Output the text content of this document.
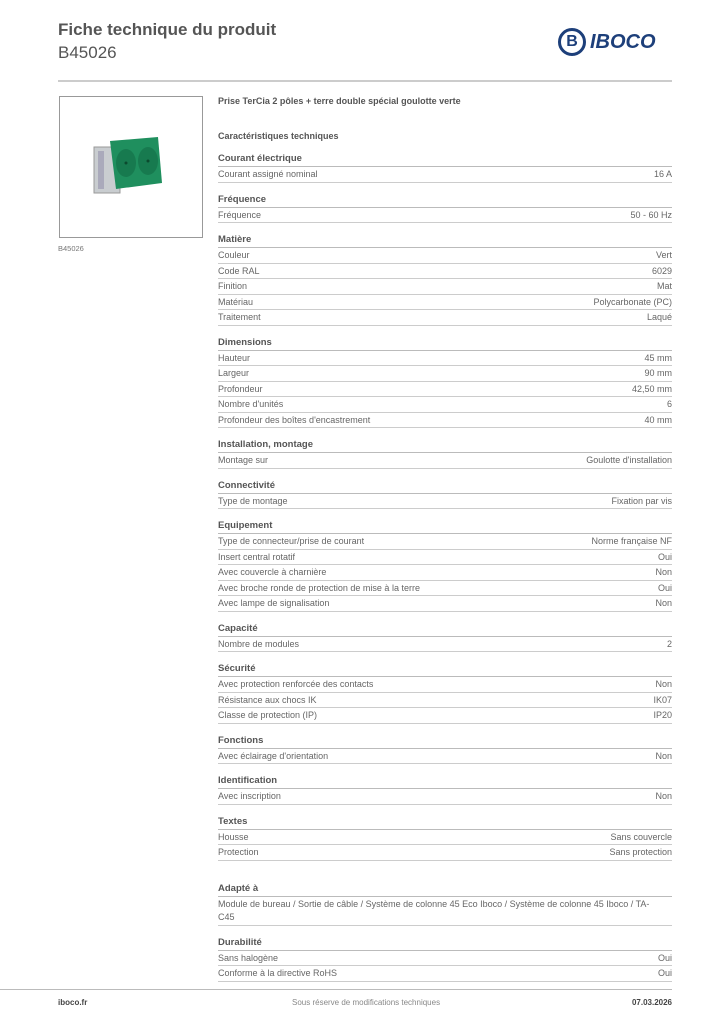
Fiche technique du produit
B45026
B IBOCO
B45026
Prise TerCia 2 pôles + terre double spécial goulotte verte
Caractéristiques techniques
Courant électrique
Courant assigné nominal	16 A
Fréquence
Fréquence	50 - 60 Hz
Matière
Couleur	Vert
Code RAL	6029
Finition	Mat
Matériau	Polycarbonate (PC)
Traitement	Laqué
Dimensions
Hauteur	45 mm
Largeur	90 mm
Profondeur	42,50 mm
Nombre d'unités	6
Profondeur des boîtes d'encastrement	40 mm
Installation, montage
Montage sur	Goulotte d'installation
Connectivité
Type de montage	Fixation par vis
Equipement
Type de connecteur/prise de courant	Norme française NF
Insert central rotatif	Oui
Avec couvercle à charnière	Non
Avec broche ronde de protection de mise à la terre	Oui
Avec lampe de signalisation	Non
Capacité
Nombre de modules	2
Sécurité
Avec protection renforcée des contacts	Non
Résistance aux chocs IK	IK07
Classe de protection (IP)	IP20
Fonctions
Avec éclairage d'orientation	Non
Identification
Avec inscription	Non
Textes
Housse	Sans couvercle
Protection	Sans protection
Adapté à
Module de bureau / Sortie de câble / Système de colonne 45 Eco Iboco / Système de colonne 45 Iboco / TA-C45
Durabilité
Sans halogène	Oui
Conforme à la directive RoHS	Oui
iboco.fr	Sous réserve de modifications techniques	07.03.2026
